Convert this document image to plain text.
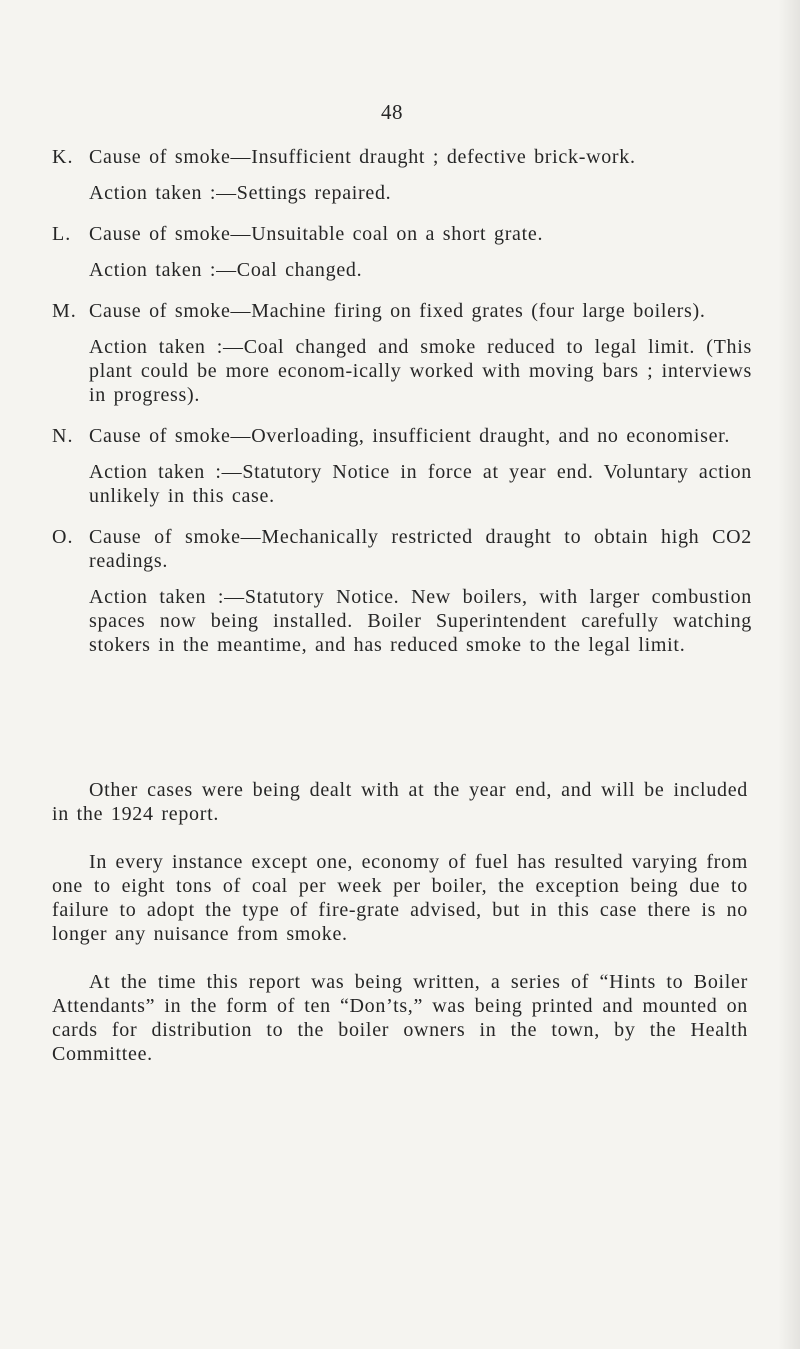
48
K. Cause of smoke—Insufficient draught ; defective brick-work.

Action taken :—Settings repaired.

L. Cause of smoke—Unsuitable coal on a short grate.

Action taken :—Coal changed.

M. Cause of smoke—Machine firing on fixed grates (four large boilers).

Action taken :—Coal changed and smoke reduced to legal limit. (This plant could be more econom-ically worked with moving bars ; interviews in progress).

N. Cause of smoke—Overloading, insufficient draught, and no economiser.

Action taken :—Statutory Notice in force at year end. Voluntary action unlikely in this case.

O. Cause of smoke—Mechanically restricted draught to obtain high CO2 readings.

Action taken :—Statutory Notice. New boilers, with larger combustion spaces now being installed. Boiler Superintendent carefully watching stokers in the meantime, and has reduced smoke to the legal limit.

Other cases were being dealt with at the year end, and will be included in the 1924 report.

In every instance except one, economy of fuel has resulted varying from one to eight tons of coal per week per boiler, the exception being due to failure to adopt the type of fire-grate advised, but in this case there is no longer any nuisance from smoke.

At the time this report was being written, a series of “Hints to Boiler Attendants” in the form of ten “Don’ts,” was being printed and mounted on cards for distribution to the boiler owners in the town, by the Health Committee.
